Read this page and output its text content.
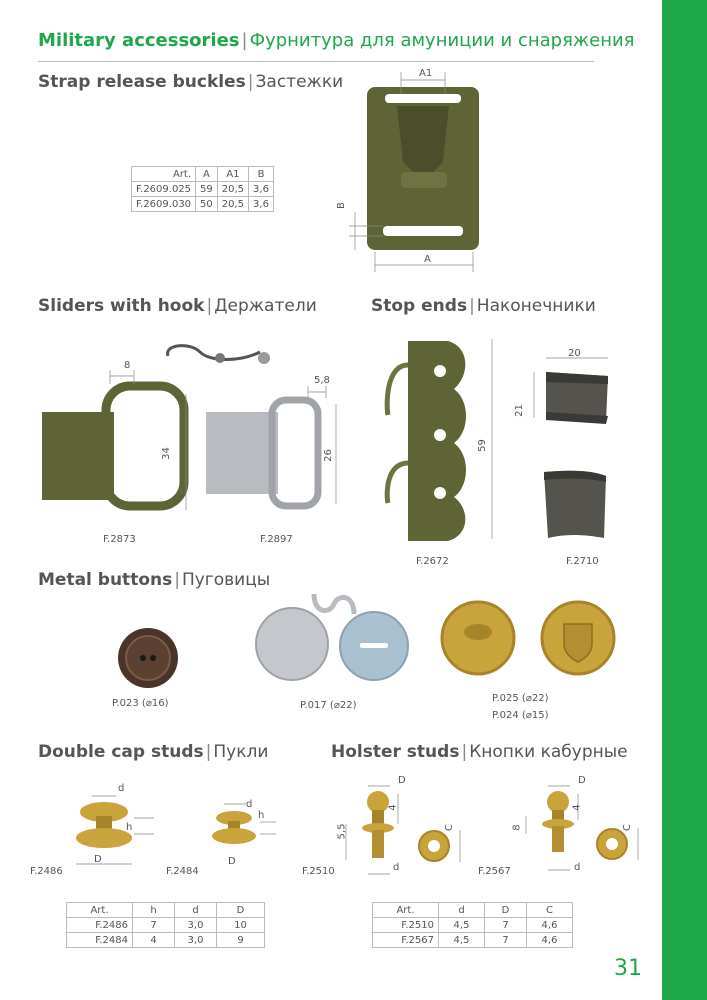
Military accessories | Фурнитура для амуниции и снаряжения
Strap release buckles | Застежки
Art.	A	A1	B
F.2609.025	59	20,5	3,6
F.2609.030	50	20,5	3,6
A1
B
A
Sliders with hook | Держатели
8
34
F.2873
5,8
26
F.2897
Stop ends | Наконечники
59
F.2672
20
21
F.2710
Metal buttons | Пуговицы
P.023 (⌀16)	P.017 (⌀22)
P.025 (⌀22)
P.024 (⌀15)
Double cap studs | Пукли
d
h
D
F.2486
d
h
D
F.2484
Art.	h	d	D
F.2486	7	3,0	10
F.2484	4	3,0	9
Holster studs | Кнопки кабурные
D
4
5,5	C
d
F.2510
D
4
8	C
d
F.2567
Art.	d	D	C
F.2510	4,5	7	4,6
F.2567	4,5	7	4,6
31
